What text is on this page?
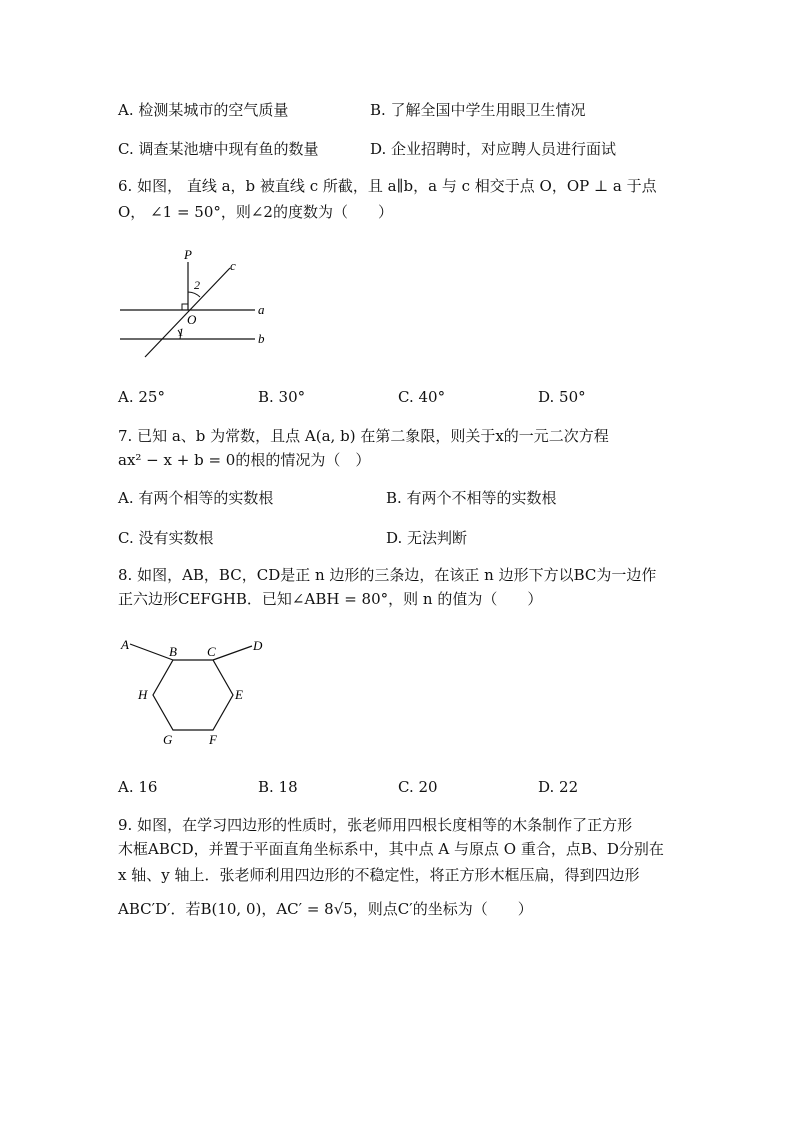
A. 检测某城市的空气质量	B. 了解全国中学生用眼卫生情况
C. 调查某池塘中现有鱼的数量	D. 企业招聘时，对应聘人员进行面试
6. 如图， 直线 a，b 被直线 c 所截，且 a∥b，a 与 c 相交于点 O，OP ⊥ a 于点
O， ∠1 = 50°，则∠2的度数为（　　）
P
c
2
a
O
1	b
A. 25°	B. 30°	C. 40°	D. 50°
7. 已知 a、b 为常数，且点 A(a, b) 在第二象限，则关于x的一元二次方程
ax² − x + b = 0的根的情况为（　）
A. 有两个相等的实数根	B. 有两个不相等的实数根
C. 没有实数根	D. 无法判断
8. 如图，AB，BC，CD是正 n 边形的三条边，在该正 n 边形下方以BC为一边作
正六边形CEFGHB．已知∠ABH = 80°，则 n 的值为（　　）
A	B C	D
H	E
G	F
A. 16	B. 18	C. 20	D. 22
9. 如图，在学习四边形的性质时，张老师用四根长度相等的木条制作了正方形
木框ABCD，并置于平面直角坐标系中，其中点 A 与原点 O 重合，点B、D分别在
x 轴、y 轴上．张老师利用四边形的不稳定性，将正方形木框压扁，得到四边形
ABC′D′．若B(10, 0)，AC′ = 8√5，则点C′的坐标为（　　）
